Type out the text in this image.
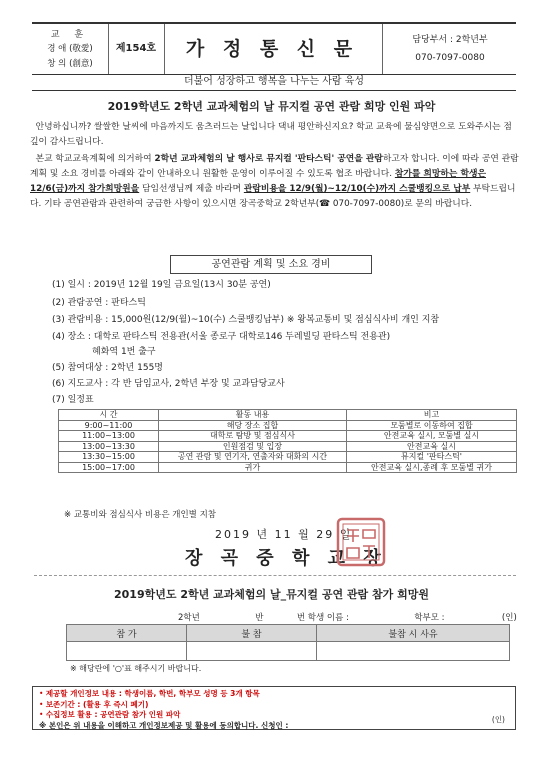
교 훈
경 애 (敬愛)
창 의 (創意)
제154호	가 정 통 신 문	담당부서 : 2학년부
070-7097-0080
더불어 성장하고 행복을 나누는 사람 육성
2019학년도 2학년 교과체험의 날 뮤지컬 공연 관람 희망 인원 파악

안녕하십니까? 쌀쌀한 날씨에 마음까지도 움츠러드는 날입니다 댁내 평안하신지요? 학교 교육에 물심양면으로 도와주시는 점 깊이 감사드립니다.

본교 학교교육계획에 의거하여 2학년 교과체험의 날 행사로 뮤지컬 '판타스틱' 공연을 관람하고자 합니다. 이에 따라 공연 관람 계획 및 소요 경비를 아래와 같이 안내하오니 원활한 운영이 이루어질 수 있도록 협조 바랍니다. 참가를 희망하는 학생은 12/6(금)까지 참가희망원을 담임선생님께 제출 바라며 관람비용을 12/9(월)~12/10(수)까지 스쿨뱅킹으로 납부 부탁드립니다. 기타 공연관람과 관련하여 궁금한 사항이 있으시면 장곡중학교 2학년부(☎ 070-7097-0080)로 문의 바랍니다.

공연관람 계획 및 소요 경비
(1) 일시 : 2019년 12월 19일 금요일(13시 30분 공연)
(2) 관람공연 : 판타스틱
(3) 관람비용 : 15,000원(12/9(월)~10(수) 스쿨뱅킹납부) ※ 왕복교통비 및 점심식사비 개인 지참
(4) 장소 : 대학로 판타스틱 전용관(서울 종로구 대학로146 두레빌딩 판타스틱 전용관)
혜화역 1번 출구
(5) 참여대상 : 2학년 155명
(6) 지도교사 : 각 반 담임교사, 2학년 부장 및 교과담당교사
(7) 일정표
시 간	활동 내용	비고
9:00~11:00	해당 장소 집합	모둠별로 이동하여 집합
11:00~13:00	대학로 탐방 및 점심식사	안전교육 실시, 모둠별 실시
13:00~13:30	인원점검 및 입장	안전교육 실시
13:30~15:00	공연 관람 및 연기자, 연출자와 대화의 시간	뮤지컬 '판타스틱'
15:00~17:00	귀가	안전교육 실시,종례 후 모둠별 귀가
※ 교통비와 점심식사 비용은 개인별 지참
2019 년 11 월 29 일
장 곡 중 학 교 장
2019학년도 2학년 교과체험의 날_뮤지컬 공연 관람 참가 희망원
2학년	반	번 학생 이름 :	학부모 :	(인)
참 가	불 참	불참 시 사유

※ 해당란에 '○'표 해주시기 바랍니다.
• 제공할 개인정보 내용 : 학생이름, 학번, 학부모 성명 등 3개 항목
• 보존기간 : (활용 후 즉시 폐기)
• 수집정보 활용 : 공연관람 참가 인원 파악
※ 본인은 위 내용을 이해하고 개인정보제공 및 활용에 동의합니다. 신청인 :
(인)
